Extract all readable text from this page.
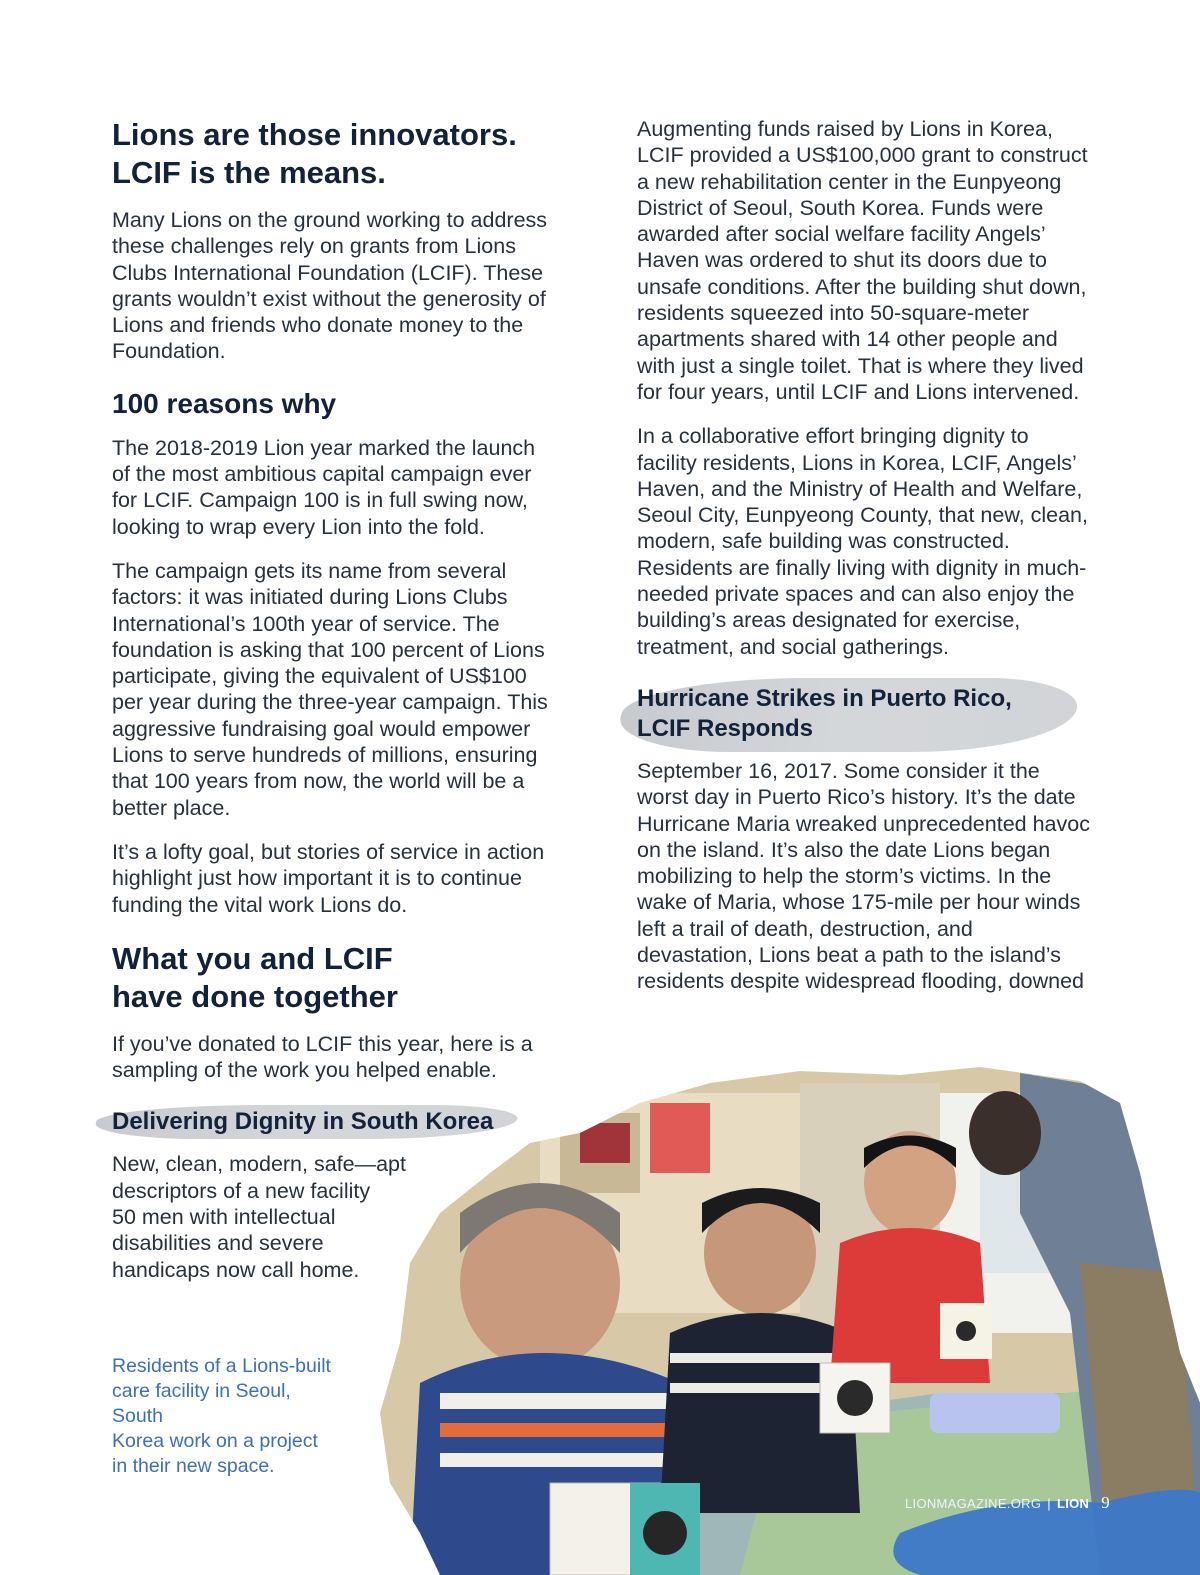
Lions are those innovators.
LCIF is the means.

Many Lions on the ground working to address these challenges rely on grants from Lions Clubs International Foundation (LCIF). These grants wouldn’t exist without the generosity of Lions and friends who donate money to the Foundation.

100 reasons why

The 2018-2019 Lion year marked the launch of the most ambitious capital campaign ever for LCIF. Campaign 100 is in full swing now, looking to wrap every Lion into the fold.

The campaign gets its name from several factors: it was initiated during Lions Clubs International’s 100th year of service. The foundation is asking that 100 percent of Lions participate, giving the equivalent of US$100 per year during the three-year campaign. This aggressive fundraising goal would empower Lions to serve hundreds of millions, ensuring that 100 years from now, the world will be a better place.

It’s a lofty goal, but stories of service in action highlight just how important it is to continue funding the vital work Lions do.

What you and LCIF
have done together

If you’ve donated to LCIF this year, here is a sampling of the work you helped enable.

Delivering Dignity in South Korea

New, clean, modern, safe—apt
descriptors of a new facility
50 men with intellectual
disabilities and severe
handicaps now call home.

Augmenting funds raised by Lions in Korea, LCIF provided a US$100,000 grant to construct a new rehabilitation center in the Eunpyeong District of Seoul, South Korea. Funds were awarded after social welfare facility Angels’ Haven was ordered to shut its doors due to unsafe conditions. After the building shut down, residents squeezed into 50-square-meter apartments shared with 14 other people and with just a single toilet. That is where they lived for four years, until LCIF and Lions intervened.

In a collaborative effort bringing dignity to facility residents, Lions in Korea, LCIF, Angels’ Haven, and the Ministry of Health and Welfare, Seoul City, Eunpyeong County, that new, clean, modern, safe building was constructed. Residents are finally living with dignity in much-needed private spaces and can also enjoy the building’s areas designated for exercise, treatment, and social gatherings.

Hurricane Strikes in Puerto Rico,
LCIF Responds

September 16, 2017. Some consider it the worst day in Puerto Rico’s history. It’s the date Hurricane Maria wreaked unprecedented havoc on the island. It’s also the date Lions began mobilizing to help the storm’s victims. In the wake of Maria, whose 175-mile per hour winds left a trail of death, destruction, and devastation, Lions beat a path to the island’s residents despite widespread flooding, downed

Residents of a Lions-built
care facility in Seoul, South
Korea work on a project
in their new space.
LIONMAGAZINE.ORG | LION 9
